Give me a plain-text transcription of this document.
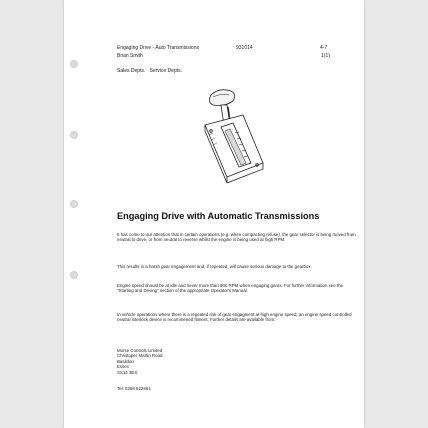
Engaging Drive - Auto Transmissions
Brian Smith
931014	4-7
1(1)
Sales Depts.   Service Depts.
Engaging Drive with Automatic Transmissions
It has come to our attention that in certain operations (e.g. when compacting refuse), the gear selector is being moved from neutral to drive, or from neutral to reverse whilst the engine is being used at high RPM.
This results in a harsh gear engagement and, if repeated, will cause serious damage to the gearbox.
Engine speed should be at idle and never more than 900 RPM when engaging gears. For further information see the "Starting and Driving" section of the appropriate Operator's Manual.
In vehicle operations where there is a repeated risk of gear engagment at high engine speed, an engine speed controlled neutral interlock device is recommened fitment. Further details are available from:
Morse Controls Limited
Christoper Martin Road
Basildon
Essex
SS14 3ES
Tel: 0268 522861
